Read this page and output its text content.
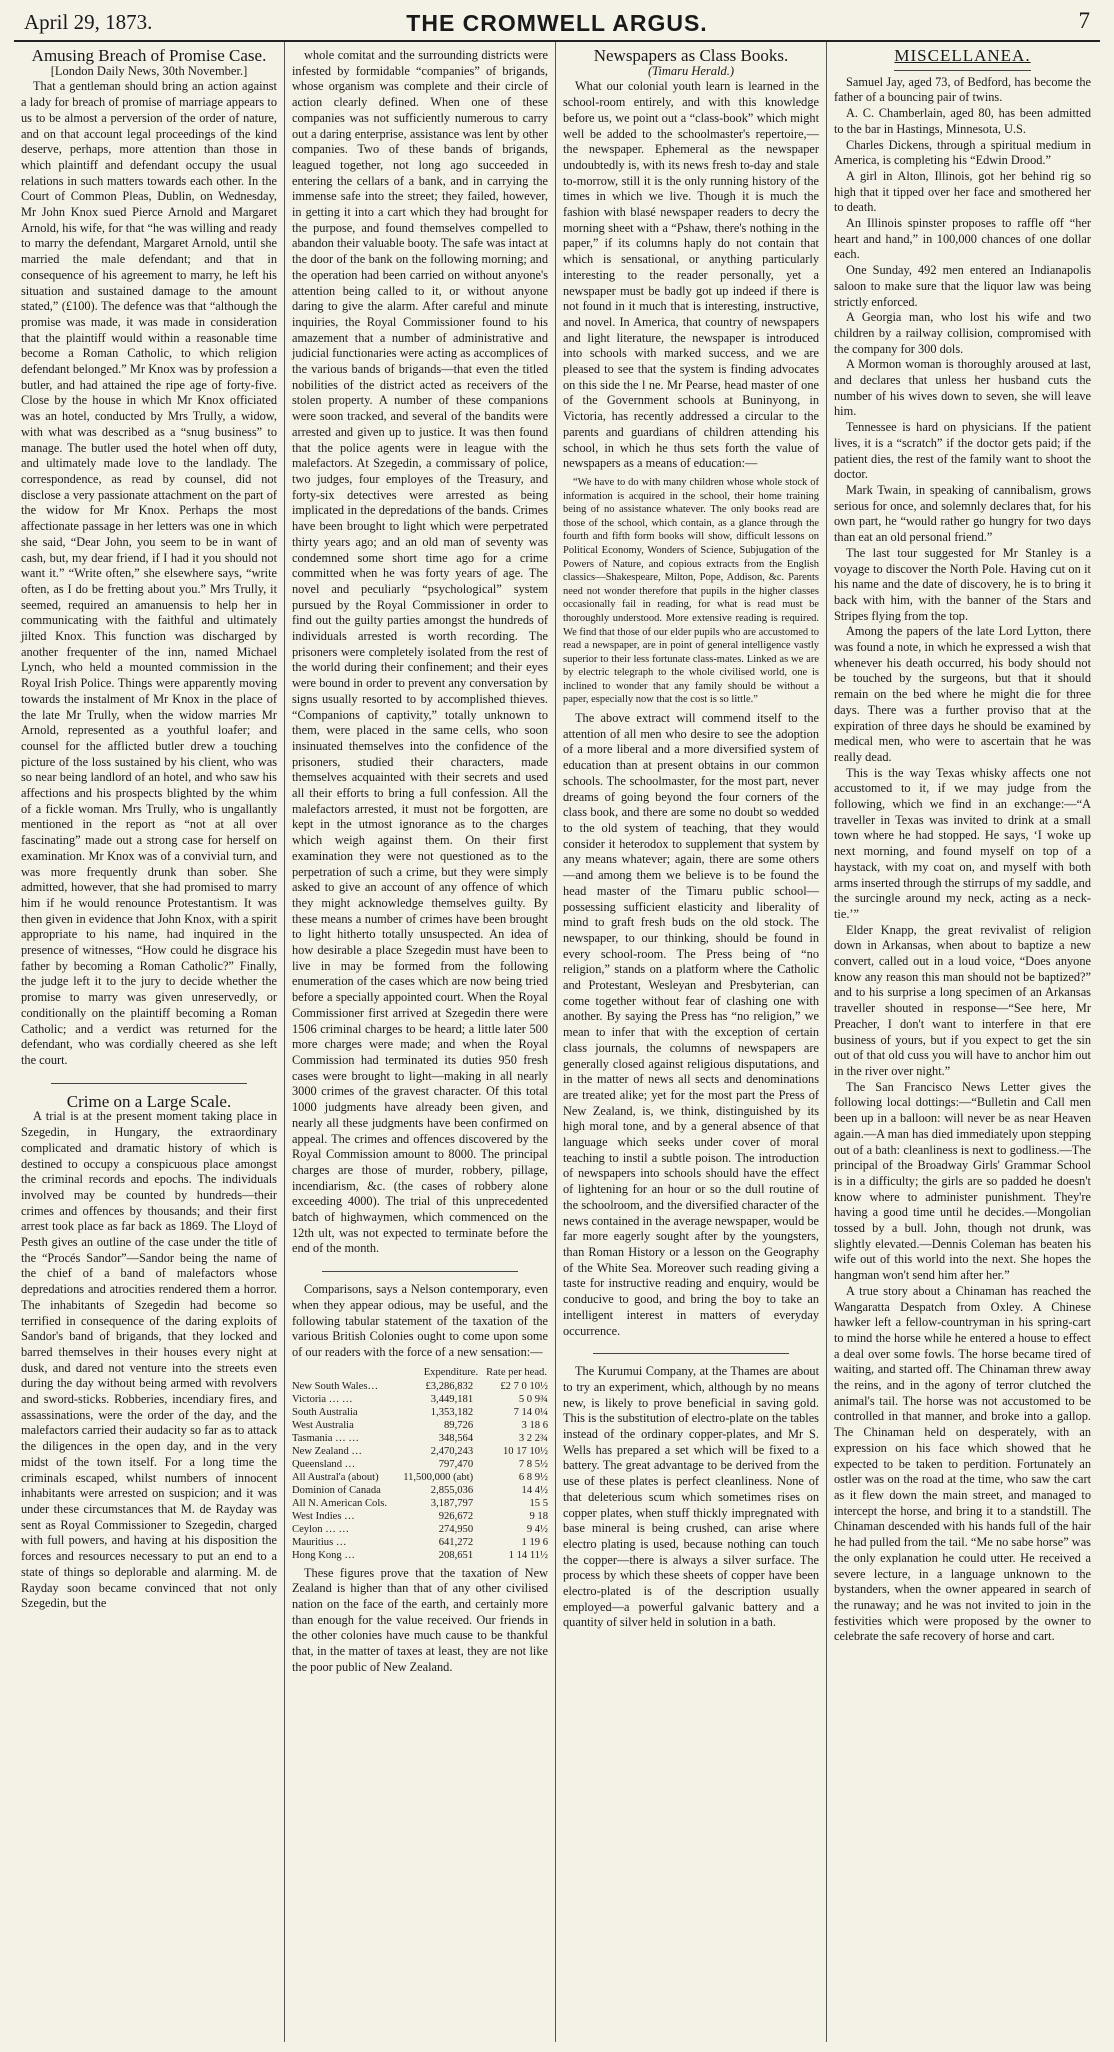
April 29, 1873.	THE CROMWELL ARGUS.	7

Amusing Breach of Promise Case.

[London Daily News, 30th November.]

That a gentleman should bring an action against a lady for breach of promise of marriage appears to us to be almost a perversion of the order of nature, and on that account legal proceedings of the kind deserve, perhaps, more attention than those in which plaintiff and defendant occupy the usual relations in such matters towards each other. In the Court of Common Pleas, Dublin, on Wednesday, Mr John Knox sued Pierce Arnold and Margaret Arnold, his wife, for that “he was willing and ready to marry the defendant, Margaret Arnold, until she married the male defendant; and that in consequence of his agreement to marry, he left his situation and sustained damage to the amount stated,” (£100). The defence was that “although the promise was made, it was made in consideration that the plaintiff would within a reasonable time become a Roman Catholic, to which religion defendant belonged.” Mr Knox was by profession a butler, and had attained the ripe age of forty-five. Close by the house in which Mr Knox officiated was an hotel, conducted by Mrs Trully, a widow, with what was described as a “snug business” to manage. The butler used the hotel when off duty, and ultimately made love to the landlady. The correspondence, as read by counsel, did not disclose a very passionate attachment on the part of the widow for Mr Knox. Perhaps the most affectionate passage in her letters was one in which she said, “Dear John, you seem to be in want of cash, but, my dear friend, if I had it you should not want it.” “Write often,” she elsewhere says, “write often, as I do be fretting about you.” Mrs Trully, it seemed, required an amanuensis to help her in communicating with the faithful and ultimately jilted Knox. This function was discharged by another frequenter of the inn, named Michael Lynch, who held a mounted commission in the Royal Irish Police. Things were apparently moving towards the instalment of Mr Knox in the place of the late Mr Trully, when the widow marries Mr Arnold, represented as a youthful loafer; and counsel for the afflicted butler drew a touching picture of the loss sustained by his client, who was so near being landlord of an hotel, and who saw his affections and his prospects blighted by the whim of a fickle woman. Mrs Trully, who is ungallantly mentioned in the report as “not at all over fascinating” made out a strong case for herself on examination. Mr Knox was of a convivial turn, and was more frequently drunk than sober. She admitted, however, that she had promised to marry him if he would renounce Protestantism. It was then given in evidence that John Knox, with a spirit appropriate to his name, had inquired in the presence of witnesses, “How could he disgrace his father by becoming a Roman Catholic?” Finally, the judge left it to the jury to decide whether the promise to marry was given unreservedly, or conditionally on the plaintiff becoming a Roman Catholic; and a verdict was returned for the defendant, who was cordially cheered as she left the court.

Crime on a Large Scale.

A trial is at the present moment taking place in Szegedin, in Hungary, the extraordinary complicated and dramatic history of which is destined to occupy a conspicuous place amongst the criminal records and epochs. The individuals involved may be counted by hundreds—their crimes and offences by thousands; and their first arrest took place as far back as 1869. The Lloyd of Pesth gives an outline of the case under the title of the “Procés Sandor”—Sandor being the name of the chief of a band of malefactors whose depredations and atrocities rendered them a horror. The inhabitants of Szegedin had become so terrified in consequence of the daring exploits of Sandor's band of brigands, that they locked and barred themselves in their houses every night at dusk, and dared not venture into the streets even during the day without being armed with revolvers and sword-sticks. Robberies, incendiary fires, and assassinations, were the order of the day, and the malefactors carried their audacity so far as to attack the diligences in the open day, and in the very midst of the town itself. For a long time the criminals escaped, whilst numbers of innocent inhabitants were arrested on suspicion; and it was under these circumstances that M. de Rayday was sent as Royal Commissioner to Szegedin, charged with full powers, and having at his disposition the forces and resources necessary to put an end to a state of things so deplorable and alarming. M. de Rayday soon became convinced that not only Szegedin, but the

whole comitat and the surrounding districts were infested by formidable “companies” of brigands, whose organism was complete and their circle of action clearly defined. When one of these companies was not sufficiently numerous to carry out a daring enterprise, assistance was lent by other companies. Two of these bands of brigands, leagued together, not long ago succeeded in entering the cellars of a bank, and in carrying the immense safe into the street; they failed, however, in getting it into a cart which they had brought for the purpose, and found themselves compelled to abandon their valuable booty. The safe was intact at the door of the bank on the following morning; and the operation had been carried on without anyone's attention being called to it, or without anyone daring to give the alarm. After careful and minute inquiries, the Royal Commissioner found to his amazement that a number of administrative and judicial functionaries were acting as accomplices of the various bands of brigands—that even the titled nobilities of the district acted as receivers of the stolen property. A number of these companions were soon tracked, and several of the bandits were arrested and given up to justice. It was then found that the police agents were in league with the malefactors. At Szegedin, a commissary of police, two judges, four employes of the Treasury, and forty-six detectives were arrested as being implicated in the depredations of the bands. Crimes have been brought to light which were perpetrated thirty years ago; and an old man of seventy was condemned some short time ago for a crime committed when he was forty years of age. The novel and peculiarly “psychological” system pursued by the Royal Commissioner in order to find out the guilty parties amongst the hundreds of individuals arrested is worth recording. The prisoners were completely isolated from the rest of the world during their confinement; and their eyes were bound in order to prevent any conversation by signs usually resorted to by accomplished thieves. “Companions of captivity,” totally unknown to them, were placed in the same cells, who soon insinuated themselves into the confidence of the prisoners, studied their characters, made themselves acquainted with their secrets and used all their efforts to bring a full confession. All the malefactors arrested, it must not be forgotten, are kept in the utmost ignorance as to the charges which weigh against them. On their first examination they were not questioned as to the perpetration of such a crime, but they were simply asked to give an account of any offence of which they might acknowledge themselves guilty. By these means a number of crimes have been brought to light hitherto totally unsuspected. An idea of how desirable a place Szegedin must have been to live in may be formed from the following enumeration of the cases which are now being tried before a specially appointed court. When the Royal Commissioner first arrived at Szegedin there were 1506 criminal charges to be heard; a little later 500 more charges were made; and when the Royal Commission had terminated its duties 950 fresh cases were brought to light—making in all nearly 3000 crimes of the gravest character. Of this total 1000 judgments have already been given, and nearly all these judgments have been confirmed on appeal. The crimes and offences discovered by the Royal Commission amount to 8000. The principal charges are those of murder, robbery, pillage, incendiarism, &c. (the cases of robbery alone exceeding 4000). The trial of this unprecedented batch of highwaymen, which commenced on the 12th ult, was not expected to terminate before the end of the month.

Comparisons, says a Nelson contemporary, even when they appear odious, may be useful, and the following tabular statement of the taxation of the various British Colonies ought to come upon some of our readers with the force of a new sensation:—

	Expenditure.	Rate per head.
New South Wales…	£3,286,832	£2 7 0 10½
Victoria … …	3,449,181	5 0 9¾
South Australia	1,353,182	7 14 0¼
West Australia	89,726	3 18 6
Tasmania … …	348,564	3 2 2¾
New Zealand …	2,470,243	10 17 10½
Queensland …	797,470	7 8 5½
All Austral'a (about)	11,500,000 (abt)	6 8 9½
Dominion of Canada	2,855,036	14 4½
All N. American Cols.	3,187,797	15 5
West Indies …	926,672	9 18
Ceylon … …	274,950	9 4½
Mauritius …	641,272	1 19 6
Hong Kong …	208,651	1 14 11½

These figures prove that the taxation of New Zealand is higher than that of any other civilised nation on the face of the earth, and certainly more than enough for the value received. Our friends in the other colonies have much cause to be thankful that, in the matter of taxes at least, they are not like the poor public of New Zealand.

Newspapers as Class Books.

(Timaru Herald.)

What our colonial youth learn is learned in the school-room entirely, and with this knowledge before us, we point out a “class-book” which might well be added to the schoolmaster's repertoire,—the newspaper. Ephemeral as the newspaper undoubtedly is, with its news fresh to-day and stale to-morrow, still it is the only running history of the times in which we live. Though it is much the fashion with blasé newspaper readers to decry the morning sheet with a “Pshaw, there's nothing in the paper,” if its columns haply do not contain that which is sensational, or anything particularly interesting to the reader personally, yet a newspaper must be badly got up indeed if there is not found in it much that is interesting, instructive, and novel. In America, that country of newspapers and light literature, the newspaper is introduced into schools with marked success, and we are pleased to see that the system is finding advocates on this side the l ne. Mr Pearse, head master of one of the Government schools at Buninyong, in Victoria, has recently addressed a circular to the parents and guardians of children attending his school, in which he thus sets forth the value of newspapers as a means of education:—

“We have to do with many children whose whole stock of information is acquired in the school, their home training being of no assistance whatever. The only books read are those of the school, which contain, as a glance through the fourth and fifth form books will show, difficult lessons on Political Economy, Wonders of Science, Subjugation of the Powers of Nature, and copious extracts from the English classics—Shakespeare, Milton, Pope, Addison, &c. Parents need not wonder therefore that pupils in the higher classes occasionally fail in reading, for what is read must be thoroughly understood. More extensive reading is required. We find that those of our elder pupils who are accustomed to read a newspaper, are in point of general intelligence vastly superior to their less fortunate class-mates. Linked as we are by electric telegraph to the whole civilised world, one is inclined to wonder that any family should be without a paper, especially now that the cost is so little.”

The above extract will commend itself to the attention of all men who desire to see the adoption of a more liberal and a more diversified system of education than at present obtains in our common schools. The schoolmaster, for the most part, never dreams of going beyond the four corners of the class book, and there are some no doubt so wedded to the old system of teaching, that they would consider it heterodox to supplement that system by any means whatever; again, there are some others—and among them we believe is to be found the head master of the Timaru public school—possessing sufficient elasticity and liberality of mind to graft fresh buds on the old stock. The newspaper, to our thinking, should be found in every school-room. The Press being of “no religion,” stands on a platform where the Catholic and Protestant, Wesleyan and Presbyterian, can come together without fear of clashing one with another. By saying the Press has “no religion,” we mean to infer that with the exception of certain class journals, the columns of newspapers are generally closed against religious disputations, and in the matter of news all sects and denominations are treated alike; yet for the most part the Press of New Zealand, is, we think, distinguished by its high moral tone, and by a general absence of that language which seeks under cover of moral teaching to instil a subtle poison. The introduction of newspapers into schools should have the effect of lightening for an hour or so the dull routine of the schoolroom, and the diversified character of the news contained in the average newspaper, would be far more eagerly sought after by the youngsters, than Roman History or a lesson on the Geography of the White Sea. Moreover such reading giving a taste for instructive reading and enquiry, would be conducive to good, and bring the boy to take an intelligent interest in matters of everyday occurrence.

The Kurumui Company, at the Thames are about to try an experiment, which, although by no means new, is likely to prove beneficial in saving gold. This is the substitution of electro-plate on the tables instead of the ordinary copper-plates, and Mr S. Wells has prepared a set which will be fixed to a battery. The great advantage to be derived from the use of these plates is perfect cleanliness. None of that deleterious scum which sometimes rises on copper plates, when stuff thickly impregnated with base mineral is being crushed, can arise where electro plating is used, because nothing can touch the copper—there is always a silver surface. The process by which these sheets of copper have been electro-plated is of the description usually employed—a powerful galvanic battery and a quantity of silver held in solution in a bath.

MISCELLANEA.

Samuel Jay, aged 73, of Bedford, has become the father of a bouncing pair of twins.

A. C. Chamberlain, aged 80, has been admitted to the bar in Hastings, Minnesota, U.S.

Charles Dickens, through a spiritual medium in America, is completing his “Edwin Drood.”

A girl in Alton, Illinois, got her behind rig so high that it tipped over her face and smothered her to death.

An Illinois spinster proposes to raffle off “her heart and hand,” in 100,000 chances of one dollar each.

One Sunday, 492 men entered an Indianapolis saloon to make sure that the liquor law was being strictly enforced.

A Georgia man, who lost his wife and two children by a railway collision, compromised with the company for 300 dols.

A Mormon woman is thoroughly aroused at last, and declares that unless her husband cuts the number of his wives down to seven, she will leave him.

Tennessee is hard on physicians. If the patient lives, it is a “scratch” if the doctor gets paid; if the patient dies, the rest of the family want to shoot the doctor.

Mark Twain, in speaking of cannibalism, grows serious for once, and solemnly declares that, for his own part, he “would rather go hungry for two days than eat an old personal friend.”

The last tour suggested for Mr Stanley is a voyage to discover the North Pole. Having cut on it his name and the date of discovery, he is to bring it back with him, with the banner of the Stars and Stripes flying from the top.

Among the papers of the late Lord Lytton, there was found a note, in which he expressed a wish that whenever his death occurred, his body should not be touched by the surgeons, but that it should remain on the bed where he might die for three days. There was a further proviso that at the expiration of three days he should be examined by medical men, who were to ascertain that he was really dead.

This is the way Texas whisky affects one not accustomed to it, if we may judge from the following, which we find in an exchange:—“A traveller in Texas was invited to drink at a small town where he had stopped. He says, ‘I woke up next morning, and found myself on top of a haystack, with my coat on, and myself with both arms inserted through the stirrups of my saddle, and the surcingle around my neck, acting as a neck-tie.’”

Elder Knapp, the great revivalist of religion down in Arkansas, when about to baptize a new convert, called out in a loud voice, “Does anyone know any reason this man should not be baptized?” and to his surprise a long specimen of an Arkansas traveller shouted in response—“See here, Mr Preacher, I don't want to interfere in that ere business of yours, but if you expect to get the sin out of that old cuss you will have to anchor him out in the river over night.”

The San Francisco News Letter gives the following local dottings:—“Bulletin and Call men been up in a balloon: will never be as near Heaven again.—A man has died immediately upon stepping out of a bath: cleanliness is next to godliness.—The principal of the Broadway Girls' Grammar School is in a difficulty; the girls are so padded he doesn't know where to administer punishment. They're having a good time until he decides.—Mongolian tossed by a bull. John, though not drunk, was slightly elevated.—Dennis Coleman has beaten his wife out of this world into the next. She hopes the hangman won't send him after her.”

A true story about a Chinaman has reached the Wangaratta Despatch from Oxley. A Chinese hawker left a fellow-countryman in his spring-cart to mind the horse while he entered a house to effect a deal over some fowls. The horse became tired of waiting, and started off. The Chinaman threw away the reins, and in the agony of terror clutched the animal's tail. The horse was not accustomed to be controlled in that manner, and broke into a gallop. The Chinaman held on desperately, with an expression on his face which showed that he expected to be taken to perdition. Fortunately an ostler was on the road at the time, who saw the cart as it flew down the main street, and managed to intercept the horse, and bring it to a standstill. The Chinaman descended with his hands full of the hair he had pulled from the tail. “Me no sabe horse” was the only explanation he could utter. He received a severe lecture, in a language unknown to the bystanders, when the owner appeared in search of the runaway; and he was not invited to join in the festivities which were proposed by the owner to celebrate the safe recovery of horse and cart.
